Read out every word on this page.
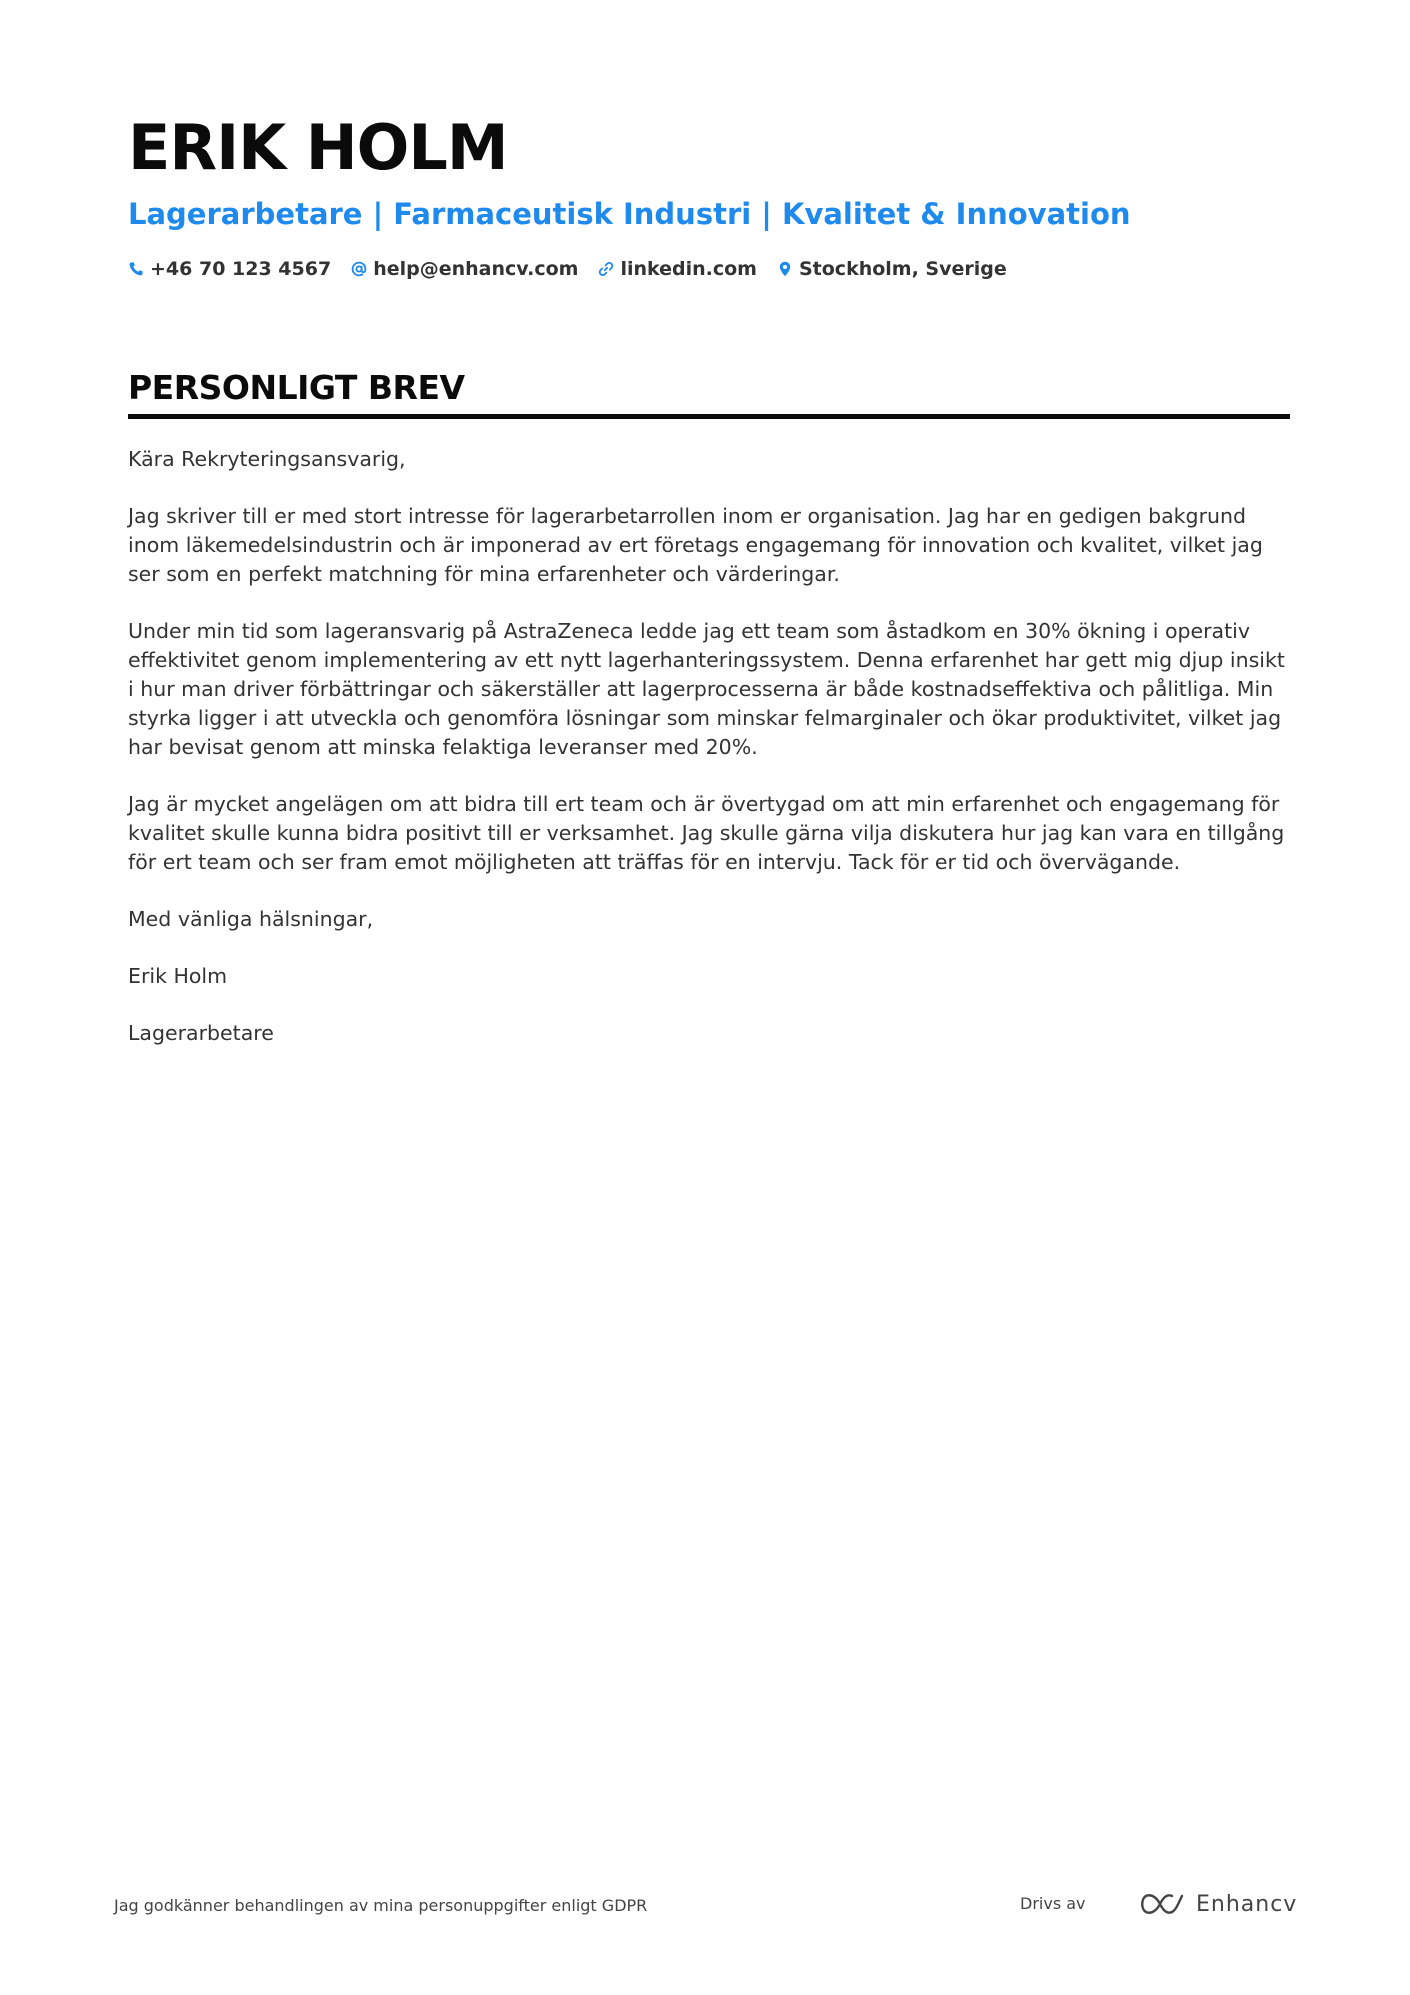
ERIK HOLM
Lagerarbetare | Farmaceutisk Industri | Kvalitet & Innovation
+46 70 123 4567 help@enhancv.com linkedin.com Stockholm, Sverige
PERSONLIGT BREV

Kära Rekryteringsansvarig,

Jag skriver till er med stort intresse för lagerarbetarrollen inom er organisation. Jag har en gedigen bakgrund inom läkemedelsindustrin och är imponerad av ert företags engagemang för innovation och kvalitet, vilket jag ser som en perfekt matchning för mina erfarenheter och värderingar.

Under min tid som lageransvarig på AstraZeneca ledde jag ett team som åstadkom en 30% ökning i operativ effektivitet genom implementering av ett nytt lagerhanteringssystem. Denna erfarenhet har gett mig djup insikt i hur man driver förbättringar och säkerställer att lagerprocesserna är både kostnadseffektiva och pålitliga. Min styrka ligger i att utveckla och genomföra lösningar som minskar felmarginaler och ökar produktivitet, vilket jag har bevisat genom att minska felaktiga leveranser med 20%.

Jag är mycket angelägen om att bidra till ert team och är övertygad om att min erfarenhet och engagemang för kvalitet skulle kunna bidra positivt till er verksamhet. Jag skulle gärna vilja diskutera hur jag kan vara en tillgång för ert team och ser fram emot möjligheten att träffas för en intervju. Tack för er tid och övervägande.

Med vänliga hälsningar,

Erik Holm

Lagerarbetare

Jag godkänner behandlingen av mina personuppgifter enligt GDPR	Drivs av	Enhancv
